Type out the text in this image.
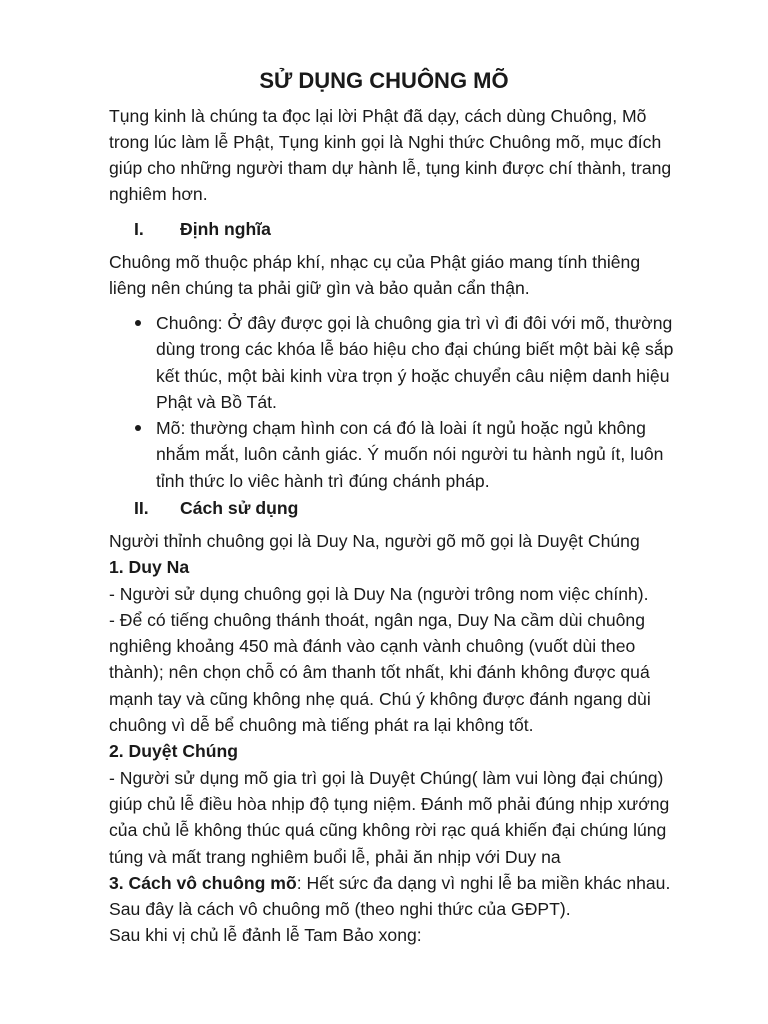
SỬ DỤNG CHUÔNG MÕ

Tụng kinh là chúng ta đọc lại lời Phật đã dạy, cách dùng Chuông, Mõ
trong lúc làm lễ Phật, Tụng kinh gọi là Nghi thức Chuông mõ, mục đích
giúp cho những người tham dự hành lễ, tụng kinh được chí thành, trang
nghiêm hơn.

I. Định nghĩa

Chuông mõ thuộc pháp khí, nhạc cụ của Phật giáo mang tính thiêng
liêng nên chúng ta phải giữ gìn và bảo quản cẩn thận.

Chuông: Ở đây được gọi là chuông gia trì vì đi đôi với mõ, thường
dùng trong các khóa lễ báo hiệu cho đại chúng biết một bài kệ sắp
kết thúc, một bài kinh vừa trọn ý hoặc chuyển câu niệm danh hiệu
Phật và Bồ Tát.
Mõ: thường chạm hình con cá đó là loài ít ngủ hoặc ngủ không
nhắm mắt, luôn cảnh giác. Ý muốn nói người tu hành ngủ ít, luôn
tỉnh thức lo viêc hành trì đúng chánh pháp.
II. Cách sử dụng
Người thỉnh chuông gọi là Duy Na, người gõ mõ gọi là Duyệt Chúng
1. Duy Na
- Người sử dụng chuông gọi là Duy Na (người trông nom việc chính).
- Để có tiếng chuông thánh thoát, ngân nga, Duy Na cầm dùi chuông
nghiêng khoảng 450 mà đánh vào cạnh vành chuông (vuốt dùi theo
thành); nên chọn chỗ có âm thanh tốt nhất, khi đánh không được quá
mạnh tay và cũng không nhẹ quá. Chú ý không được đánh ngang dùi
chuông vì dễ bể chuông mà tiếng phát ra lại không tốt.
2. Duyệt Chúng
- Người sử dụng mõ gia trì gọi là Duyệt Chúng( làm vui lòng đại chúng)
giúp chủ lễ điều hòa nhịp độ tụng niệm. Đánh mõ phải đúng nhịp xướng
của chủ lễ không thúc quá cũng không rời rạc quá khiến đại chúng lúng
túng và mất trang nghiêm buổi lễ, phải ăn nhịp với Duy na
3. Cách vô chuông mõ: Hết sức đa dạng vì nghi lễ ba miền khác nhau.
Sau đây là cách vô chuông mõ (theo nghi thức của GĐPT).
Sau khi vị chủ lễ đảnh lễ Tam Bảo xong:
